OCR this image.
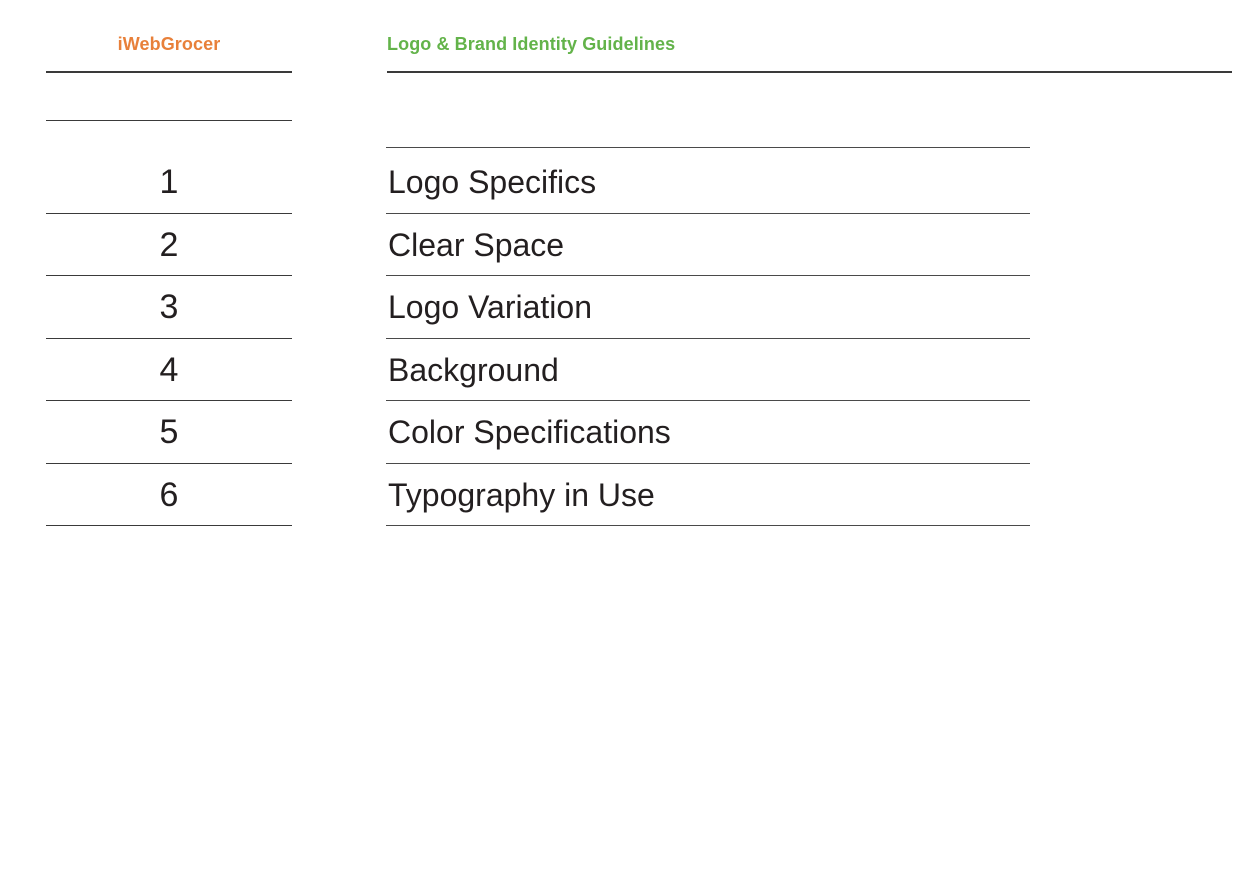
iWebGrocer	Logo & Brand Identity Guidelines
1	Logo Specifics
2	Clear Space
3	Logo Variation
4	Background
5	Color Specifications
6	Typography in Use
